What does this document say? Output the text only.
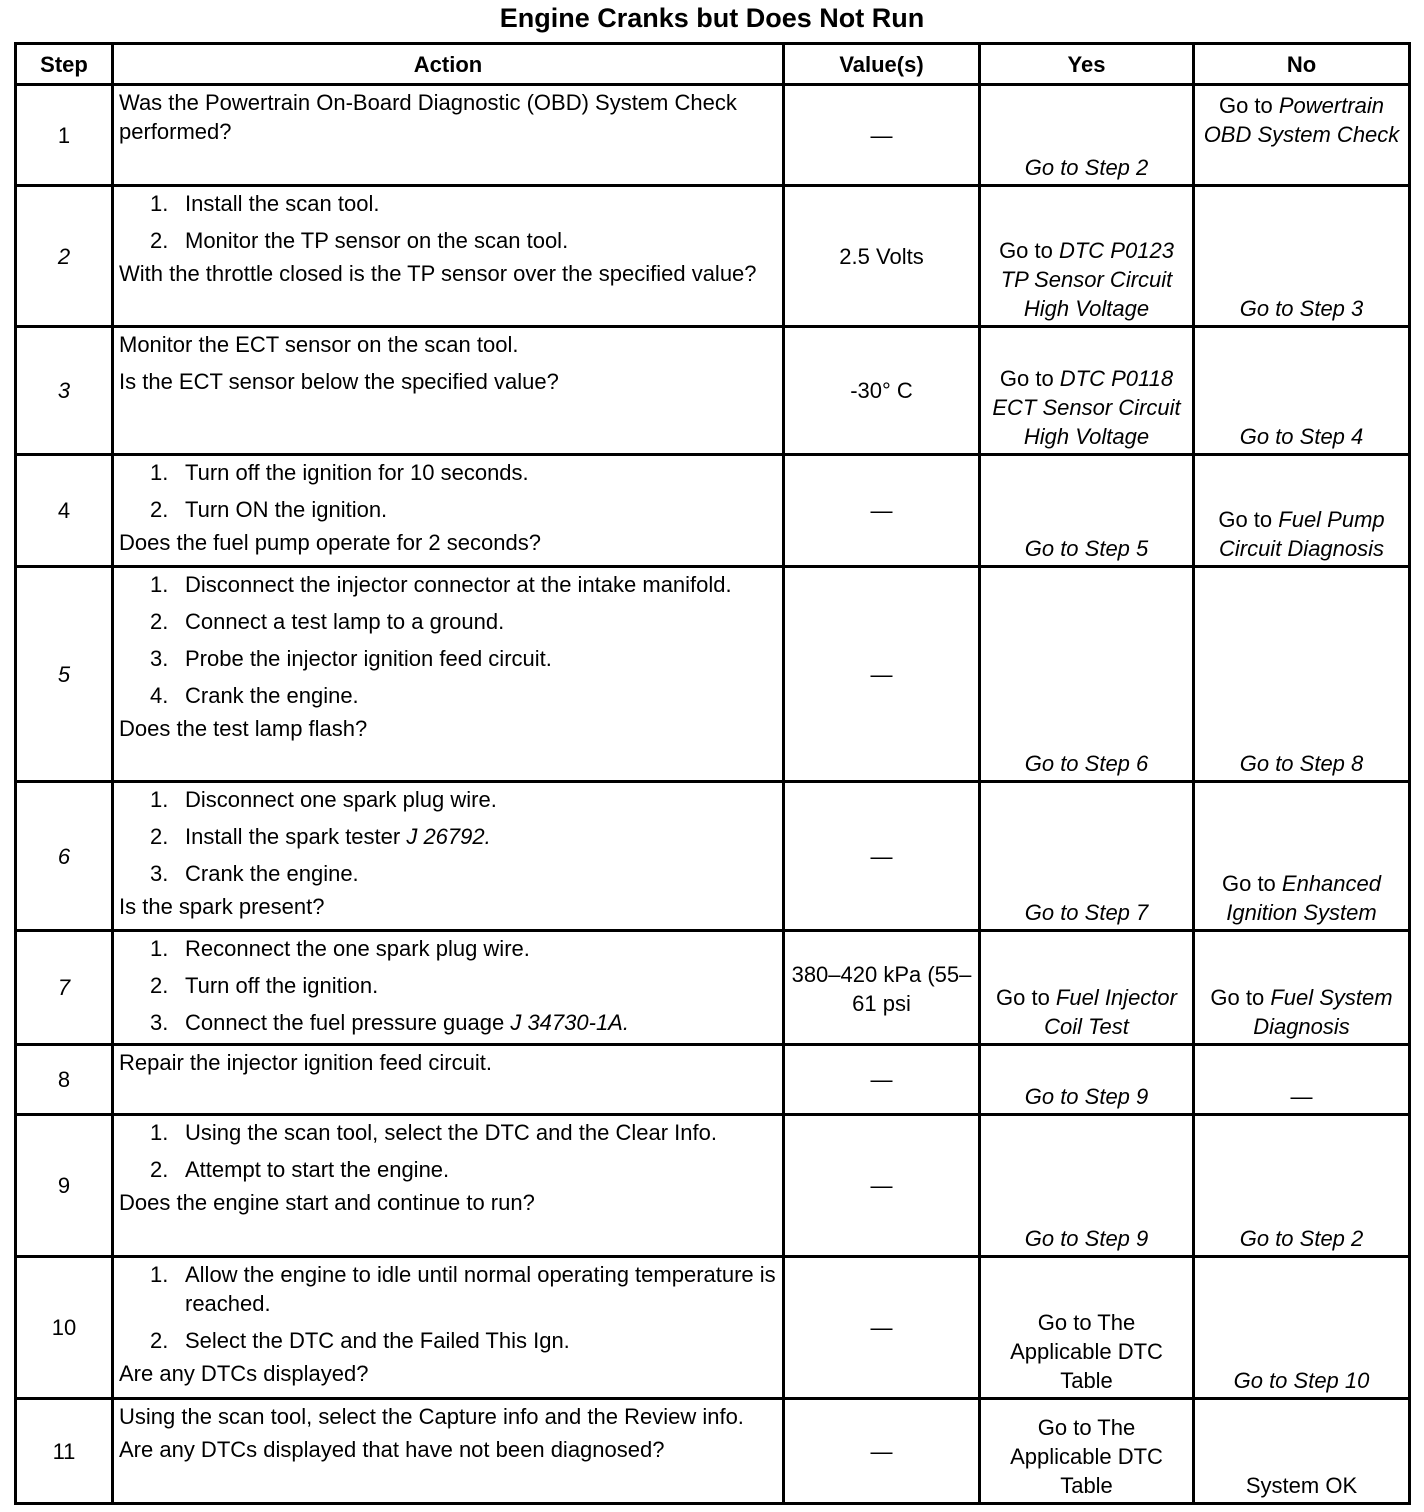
Engine Cranks but Does Not Run
Step	Action	Value(s)	Yes	No
1	Was the Powertrain On-Board Diagnostic (OBD) System Check performed?	—	Go to Step 2	Go to Powertrain OBD System Check
2	1. Install the scan tool.
2. Monitor the TP sensor on the scan tool.
With the throttle closed is the TP sensor over the specified value?	2.5 Volts	Go to DTC P0123 TP Sensor Circuit High Voltage	Go to Step 3
3	Monitor the ECT sensor on the scan tool.
Is the ECT sensor below the specified value?	-30° C	Go to DTC P0118 ECT Sensor Circuit High Voltage	Go to Step 4
4	1. Turn off the ignition for 10 seconds.
2. Turn ON the ignition.
Does the fuel pump operate for 2 seconds?	—	Go to Step 5	Go to Fuel Pump Circuit Diagnosis
5	1. Disconnect the injector connector at the intake manifold.
2. Connect a test lamp to a ground.
3. Probe the injector ignition feed circuit.
4. Crank the engine.
Does the test lamp flash?	—	Go to Step 6	Go to Step 8
6	1. Disconnect one spark plug wire.
2. Install the spark tester J 26792.
3. Crank the engine.
Is the spark present?	—	Go to Step 7	Go to Enhanced Ignition System
7	1. Reconnect the one spark plug wire.
2. Turn off the ignition.
3. Connect the fuel pressure guage J 34730-1A.	380–420 kPa (55–61 psi	Go to Fuel Injector Coil Test	Go to Fuel System Diagnosis
8	Repair the injector ignition feed circuit.	—	Go to Step 9	—
9	1. Using the scan tool, select the DTC and the Clear Info.
2. Attempt to start the engine.
Does the engine start and continue to run?	—	Go to Step 9	Go to Step 2
10	1. Allow the engine to idle until normal operating temperature is reached.
2. Select the DTC and the Failed This Ign.
Are any DTCs displayed?	—	Go to The Applicable DTC Table	Go to Step 10
11	Using the scan tool, select the Capture info and the Review info.
Are any DTCs displayed that have not been diagnosed?	—	Go to The Applicable DTC Table	System OK
